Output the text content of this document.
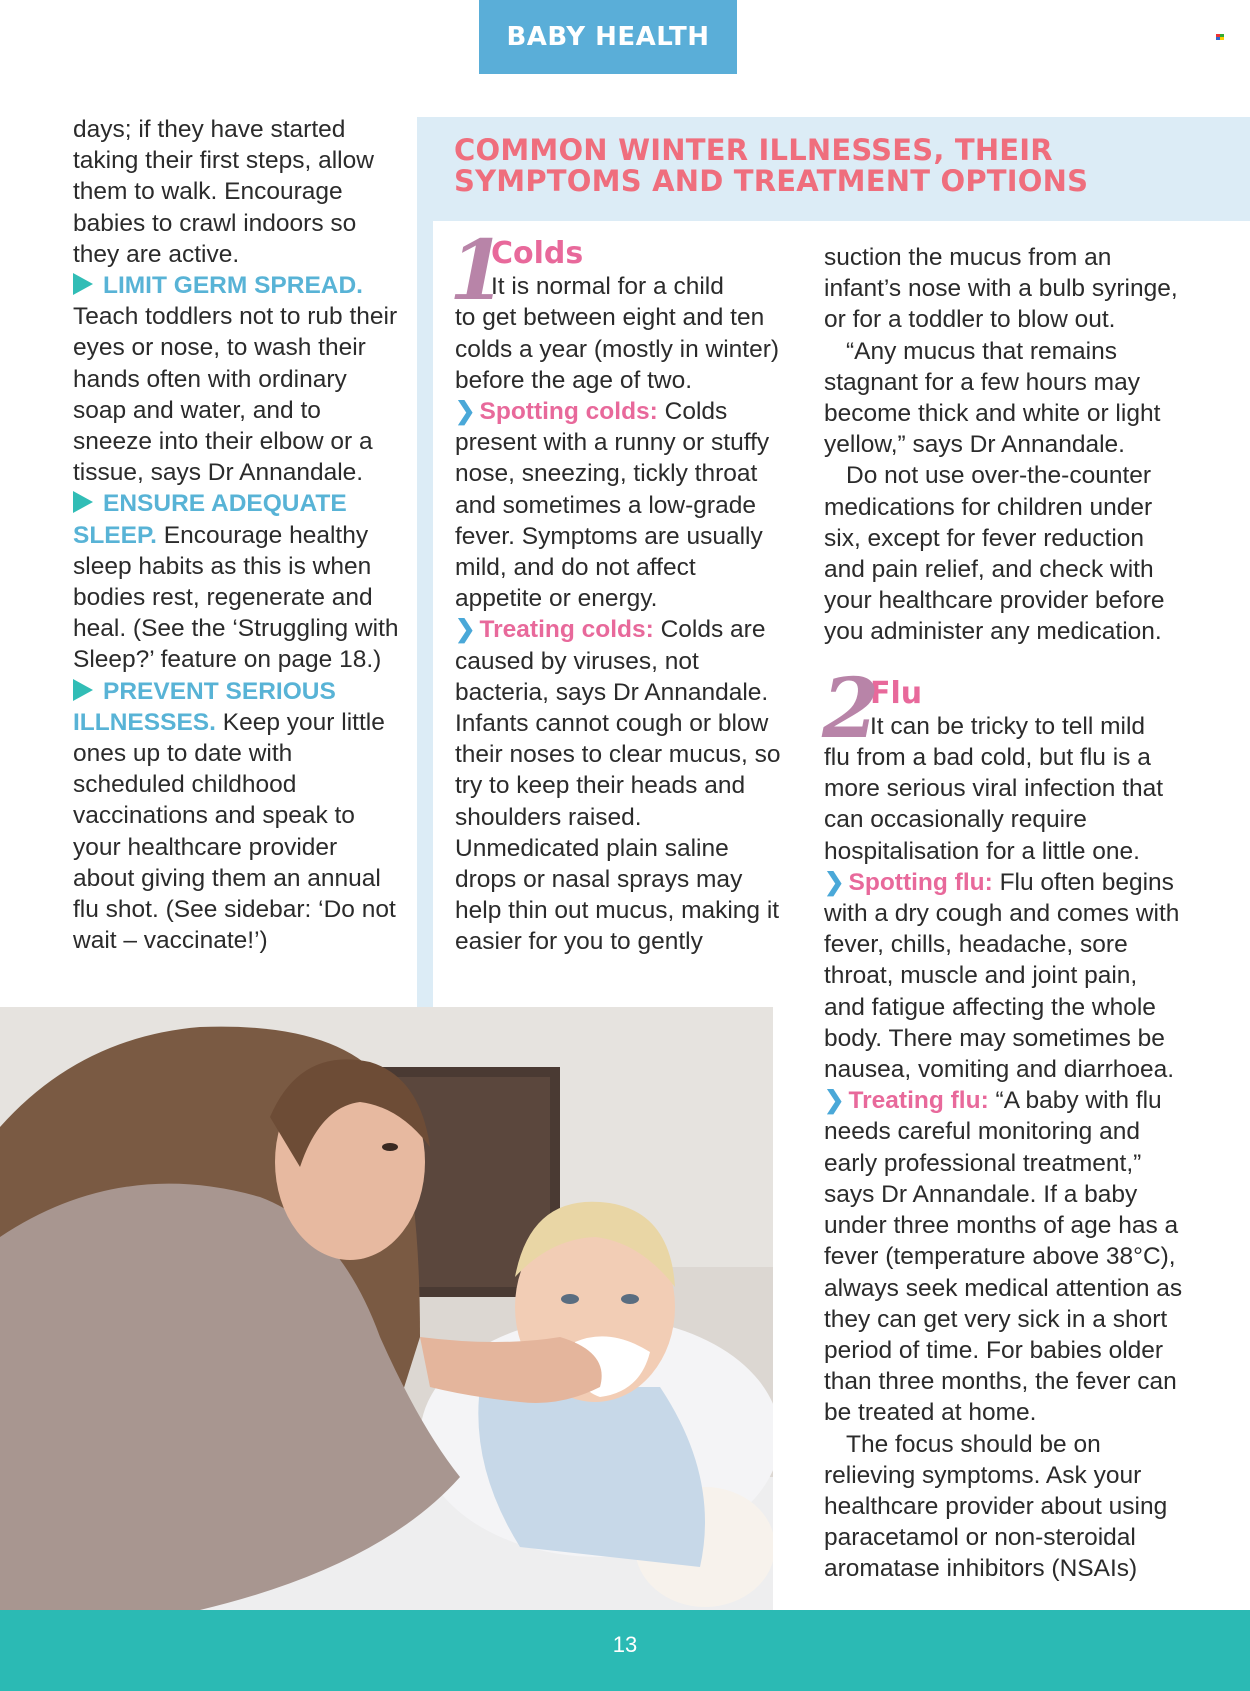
BABY HEALTH

days; if they have started taking their first steps, allow them to walk. Encourage babies to crawl indoors so they are active.

LIMIT GERM SPREAD. Teach toddlers not to rub their eyes or nose, to wash their hands often with ordinary soap and water, and to sneeze into their elbow or a tissue, says Dr Annandale.

ENSURE ADEQUATE SLEEP. Encourage healthy sleep habits as this is when bodies rest, regenerate and heal. (See the ‘Struggling with Sleep?’ feature on page 18.)

PREVENT SERIOUS ILLNESSES. Keep your little ones up to date with scheduled childhood vaccinations and speak to your healthcare provider about giving them an annual flu shot. (See sidebar: ‘Do not wait – vaccinate!’)

COMMON WINTER ILLNESSES, THEIR SYMPTOMS AND TREATMENT OPTIONS
1

Colds

It is normal for a child

to get between eight and ten colds a year (mostly in winter) before the age of two.

❯ Spotting colds: Colds present with a runny or stuffy nose, sneezing, tickly throat and sometimes a low-grade fever. Symptoms are usually mild, and do not affect appetite or energy.

❯ Treating colds: Colds are caused by viruses, not bacteria, says Dr Annandale. Infants cannot cough or blow their noses to clear mucus, so try to keep their heads and shoulders raised. Unmedicated plain saline drops or nasal sprays may help thin out mucus, making it easier for you to gently

suction the mucus from an infant’s nose with a bulb syringe, or for a toddler to blow out.

“Any mucus that remains stagnant for a few hours may become thick and white or light yellow,” says Dr Annandale.

Do not use over-the-counter medications for children under six, except for fever reduction and pain relief, and check with your healthcare provider before you administer any medication.

2

Flu

It can be tricky to tell mild

flu from a bad cold, but flu is a more serious viral infection that can occasionally require hospitalisation for a little one.

❯ Spotting flu: Flu often begins with a dry cough and comes with fever, chills, headache, sore throat, muscle and joint pain, and fatigue affecting the whole body. There may sometimes be nausea, vomiting and diarrhoea.

❯ Treating flu: “A baby with flu needs careful monitoring and early professional treatment,” says Dr Annandale. If a baby under three months of age has a fever (temperature above 38°C), always seek medical attention as they can get very sick in a short period of time. For babies older than three months, the fever can be treated at home.

The focus should be on relieving symptoms. Ask your healthcare provider about using paracetamol or non-steroidal aromatase inhibitors (NSAIs)

13
